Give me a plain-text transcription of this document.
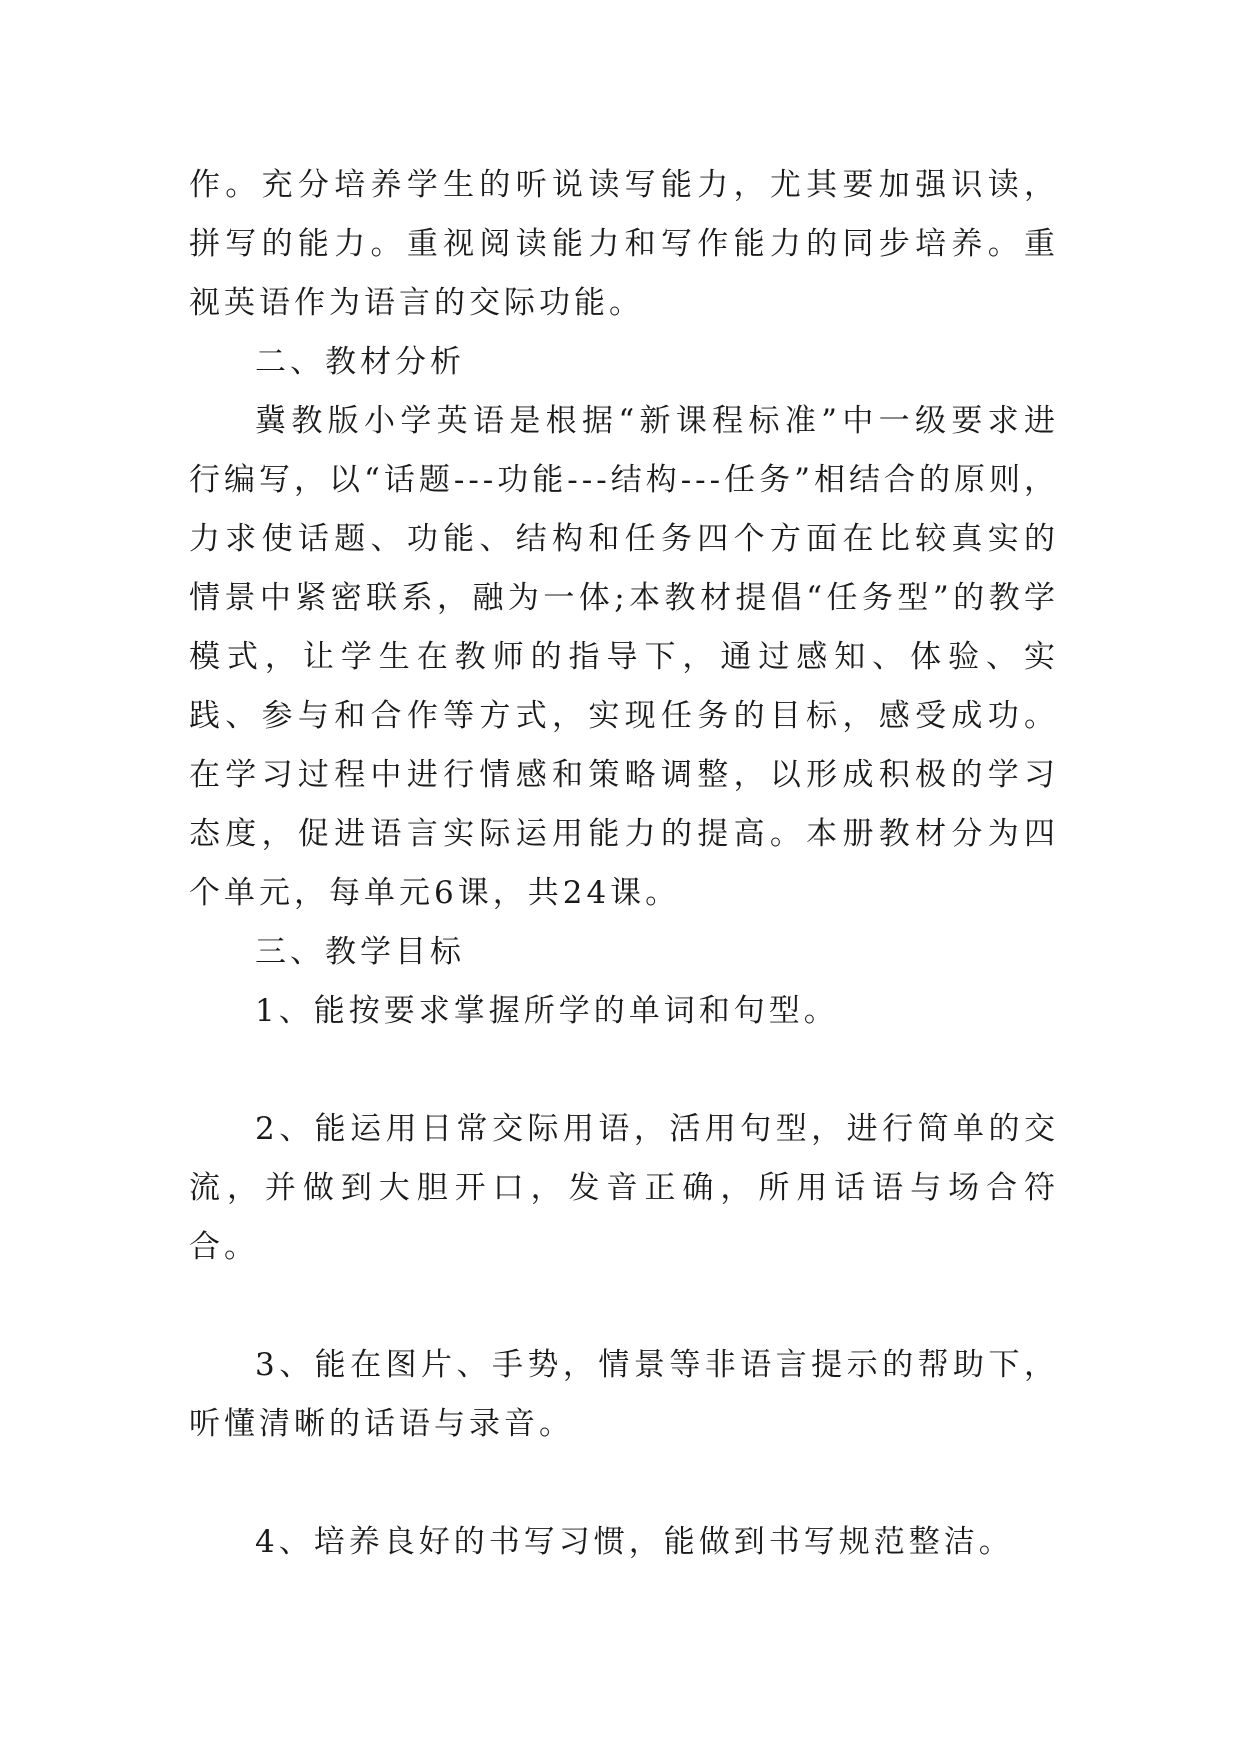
作。充分培养学生的听说读写能力，尤其要加强识读，拼写的能力。重视阅读能力和写作能力的同步培养。重视英语作为语言的交际功能。

二、教材分析

冀教版小学英语是根据“新课程标准”中一级要求进行编写，以“话题---功能---结构---任务”相结合的原则，力求使话题、功能、结构和任务四个方面在比较真实的情景中紧密联系，融为一体;本教材提倡“任务型”的教学模式，让学生在教师的指导下，通过感知、体验、实践、参与和合作等方式，实现任务的目标，感受成功。在学习过程中进行情感和策略调整，以形成积极的学习态度，促进语言实际运用能力的提高。本册教材分为四个单元，每单元6课，共24课。

三、教学目标

1、能按要求掌握所学的单词和句型。

2、能运用日常交际用语，活用句型，进行简单的交流，并做到大胆开口，发音正确，所用话语与场合符合。

3、能在图片、手势，情景等非语言提示的帮助下，听懂清晰的话语与录音。

4、培养良好的书写习惯，能做到书写规范整洁。
